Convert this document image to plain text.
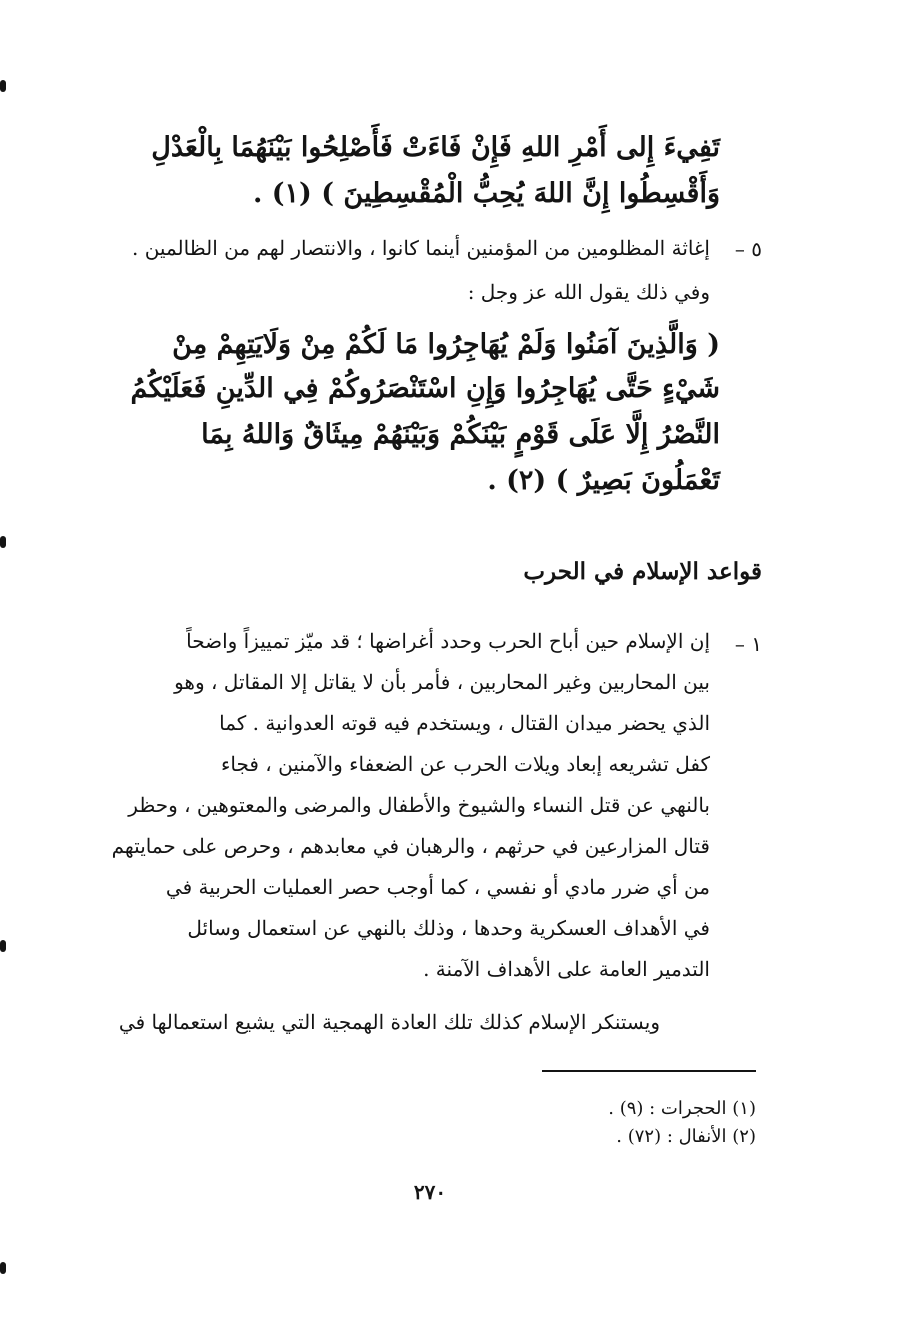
تَفِيءَ إِلى أَمْرِ اللهِ فَإِنْ فَاءَتْ فَأَصْلِحُوا بَيْنَهُمَا بِالْعَدْلِ
وَأَقْسِطُوا إِنَّ اللهَ يُحِبُّ الْمُقْسِطِينَ ) (١) .
٥ –
إغاثة المظلومين من المؤمنين أينما كانوا ، والانتصار لهم من الظالمين .
وفي ذلك يقول الله عز وجل :
( وَالَّذِينَ آمَنُوا وَلَمْ يُهَاجِرُوا مَا لَكُمْ مِنْ وَلَايَتِهِمْ مِنْ
شَيْءٍ حَتَّى يُهَاجِرُوا وَإِنِ اسْتَنْصَرُوكُمْ فِي الدِّينِ فَعَلَيْكُمُ
النَّصْرُ إِلَّا عَلَى قَوْمٍ بَيْنَكُمْ وَبَيْنَهُمْ مِيثَاقٌ وَاللهُ بِمَا
تَعْمَلُونَ بَصِيرٌ ) (٢) .
قواعد الإسلام في الحرب
١ –
إن الإسلام حين أباح الحرب وحدد أغراضها ؛ قد ميّز تمييزاً واضحاً
بين المحاربين وغير المحاربين ، فأمر بأن لا يقاتل إلا المقاتل ، وهو
الذي يحضر ميدان القتال ، ويستخدم فيه قوته العدوانية . كما
كفل تشريعه إبعاد ويلات الحرب عن الضعفاء والآمنين ، فجاء
بالنهي عن قتل النساء والشيوخ والأطفال والمرضى والمعتوهين ، وحظر
قتال المزارعين في حرثهم ، والرهبان في معابدهم ، وحرص على حمايتهم
من أي ضرر مادي أو نفسي ، كما أوجب حصر العمليات الحربية في
في الأهداف العسكرية وحدها ، وذلك بالنهي عن استعمال وسائل
التدمير العامة على الأهداف الآمنة .
ويستنكر الإسلام كذلك تلك العادة الهمجية التي يشيع استعمالها في
(١) الحجرات : (٩) .
(٢) الأنفال : (٧٢) .
٢٧٠
